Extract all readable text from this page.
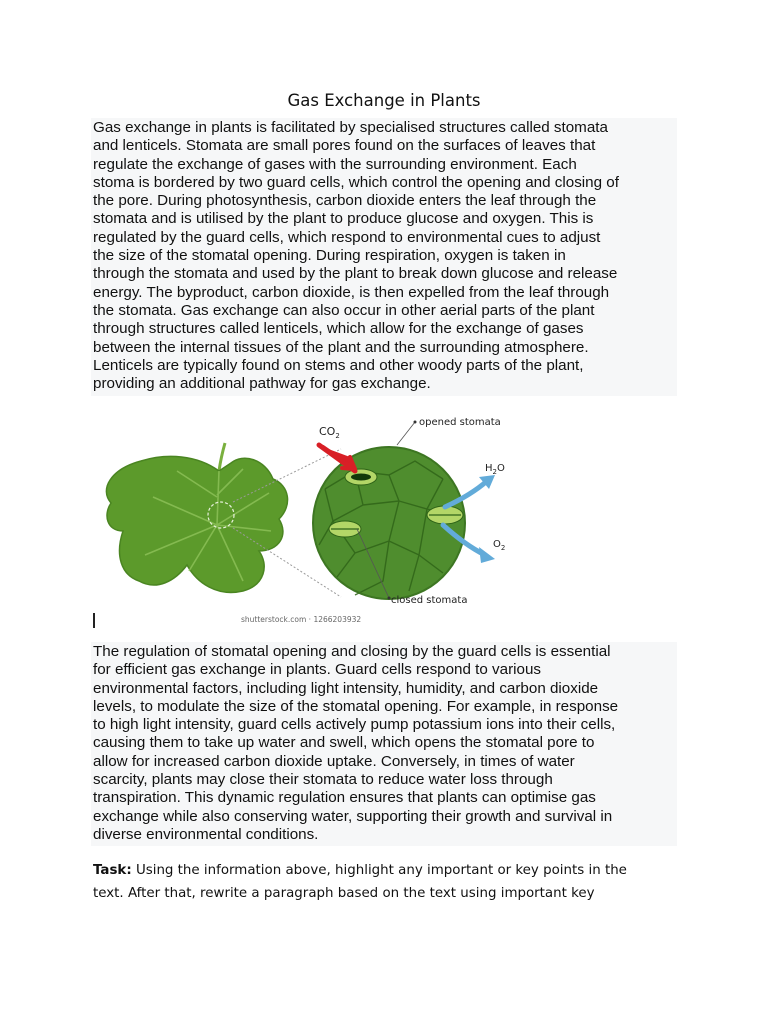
Gas Exchange in Plants
Gas exchange in plants is facilitated by specialised structures called stomata
and lenticels. Stomata are small pores found on the surfaces of leaves that
regulate the exchange of gases with the surrounding environment. Each
stoma is bordered by two guard cells, which control the opening and closing of
the pore. During photosynthesis, carbon dioxide enters the leaf through the
stomata and is utilised by the plant to produce glucose and oxygen. This is
regulated by the guard cells, which respond to environmental cues to adjust
the size of the stomatal opening. During respiration, oxygen is taken in
through the stomata and used by the plant to break down glucose and release
energy. The byproduct, carbon dioxide, is then expelled from the leaf through
the stomata. Gas exchange can also occur in other aerial parts of the plant
through structures called lenticels, which allow for the exchange of gases
between the internal tissues of the plant and the surrounding atmosphere.
Lenticels are typically found on stems and other woody parts of the plant,
providing an additional pathway for gas exchange.
$CO_2$
opened stomata
$H_2O$
$O_2$
closed stomata
shutterstock.com · 1266203932
The regulation of stomatal opening and closing by the guard cells is essential
for efficient gas exchange in plants. Guard cells respond to various
environmental factors, including light intensity, humidity, and carbon dioxide
levels, to modulate the size of the stomatal opening. For example, in response
to high light intensity, guard cells actively pump potassium ions into their cells,
causing them to take up water and swell, which opens the stomatal pore to
allow for increased carbon dioxide uptake. Conversely, in times of water
scarcity, plants may close their stomata to reduce water loss through
transpiration. This dynamic regulation ensures that plants can optimise gas
exchange while also conserving water, supporting their growth and survival in
diverse environmental conditions.
Task: Using the information above, highlight any important or key points in the
text. After that, rewrite a paragraph based on the text using important key
